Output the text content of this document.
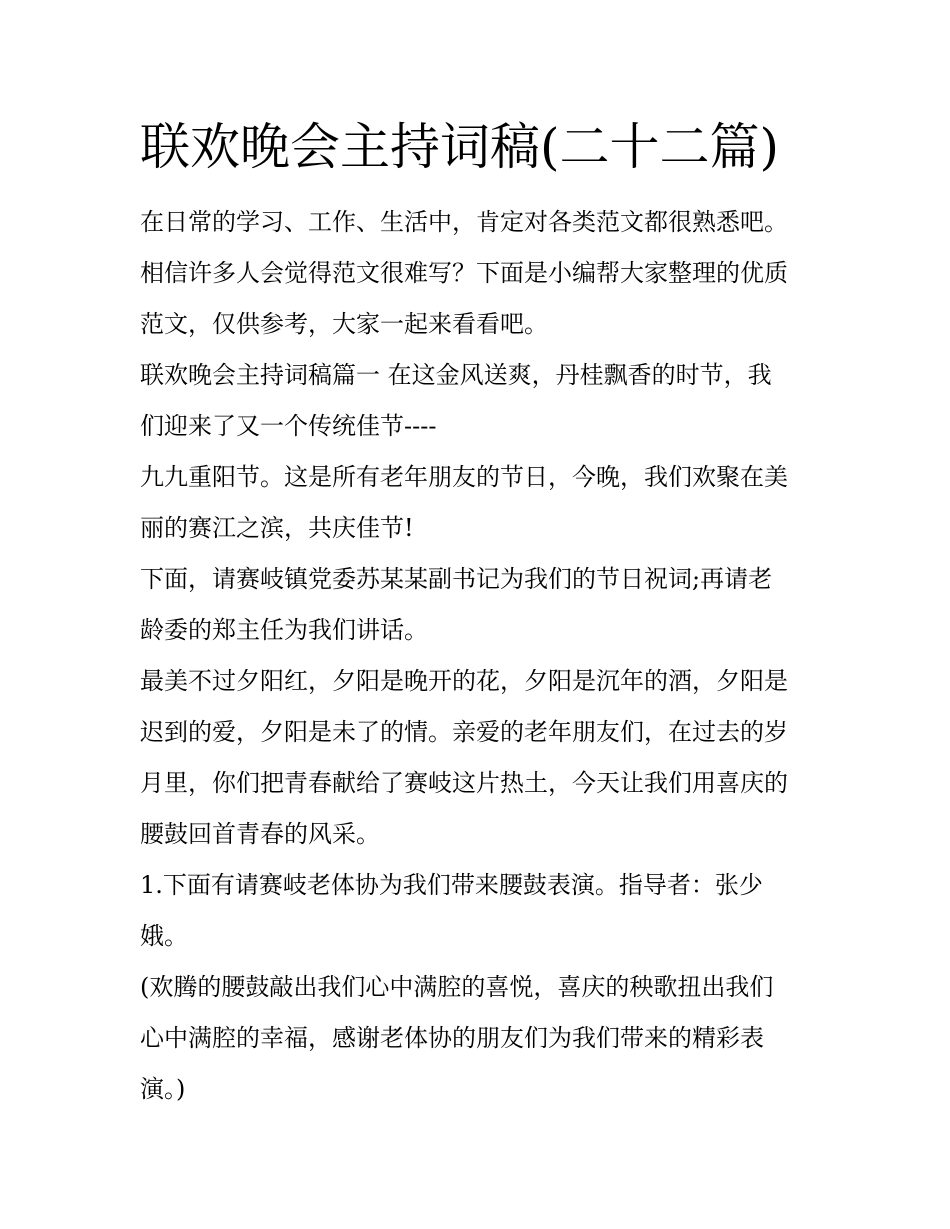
联欢晚会主持词稿(二十二篇)

在日常的学习、工作、生活中，肯定对各类范文都很熟悉吧。
相信许多人会觉得范文很难写？下面是小编帮大家整理的优质
范文，仅供参考，大家一起来看看吧。

联欢晚会主持词稿篇一 在这金风送爽，丹桂飘香的时节，我
们迎来了又一个传统佳节----

九九重阳节。这是所有老年朋友的节日，今晚，我们欢聚在美
丽的赛江之滨，共庆佳节!

下面，请赛岐镇党委苏某某副书记为我们的节日祝词;再请老
龄委的郑主任为我们讲话。

最美不过夕阳红，夕阳是晚开的花，夕阳是沉年的酒，夕阳是
迟到的爱，夕阳是未了的情。亲爱的老年朋友们，在过去的岁
月里，你们把青春献给了赛岐这片热土，今天让我们用喜庆的
腰鼓回首青春的风采。

1.下面有请赛岐老体协为我们带来腰鼓表演。指导者：张少
娥。

(欢腾的腰鼓敲出我们心中满腔的喜悦，喜庆的秧歌扭出我们
心中满腔的幸福，感谢老体协的朋友们为我们带来的精彩表
演。)
